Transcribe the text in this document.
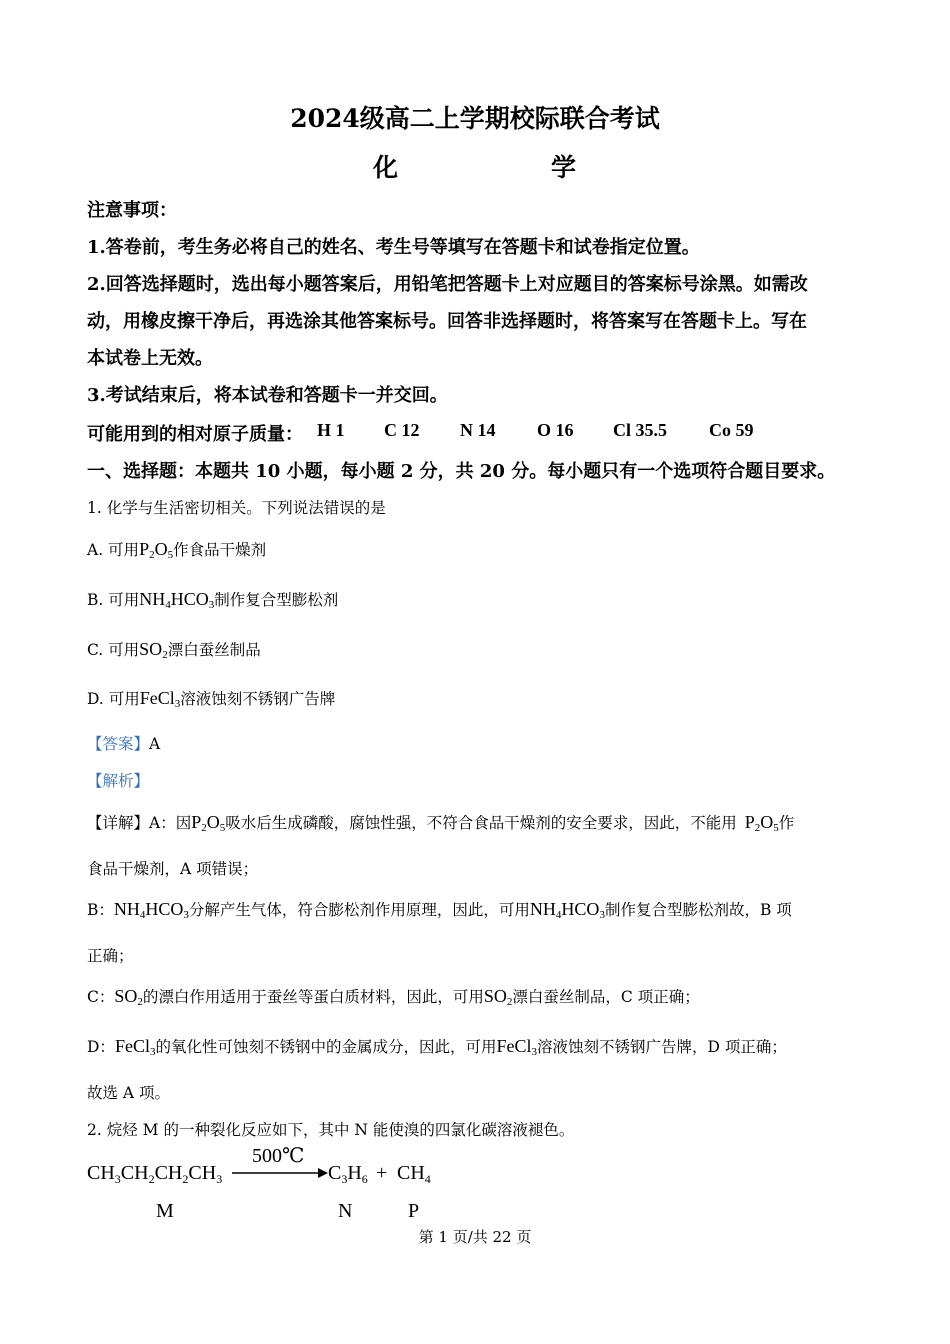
2024级高二上学期校际联合考试
化	学
注意事项：
1.答卷前，考生务必将自己的姓名、考生号等填写在答题卡和试卷指定位置。
2.回答选择题时，选出每小题答案后，用铅笔把答题卡上对应题目的答案标号涂黑。如需改
动，用橡皮擦干净后，再选涂其他答案标号。回答非选择题时，将答案写在答题卡上。写在
本试卷上无效。
3.考试结束后，将本试卷和答题卡一并交回。
可能用到的相对原子质量： H 1 C 12 N 14 O 16 Cl 35.5 Co 59
一、选择题：本题共 10 小题，每小题 2 分，共 20 分。每小题只有一个选项符合题目要求。
1. 化学与生活密切相关。下列说法错误的是
A. 可用$P_2O_5$作食品干燥剂
B. 可用$NH_4HCO_3$制作复合型膨松剂
C. 可用$SO_2$漂白蚕丝制品
D. 可用FeCl$_3$溶液蚀刻不锈钢广告牌
【答案】A
【解析】
【详解】A：因$P_2O_5$吸水后生成磷酸，腐蚀性强，不符合食品干燥剂的安全要求，因此，不能用 $P_2O_5$作
食品干燥剂，A 项错误；
B：$NH_4HCO_3$分解产生气体，符合膨松剂作用原理，因此，可用$NH_4HCO_3$制作复合型膨松剂故，B 项
正确；
C：$SO_2$的漂白作用适用于蚕丝等蛋白质材料，因此，可用$SO_2$漂白蚕丝制品，C 项正确；
D：FeCl$_3$的氧化性可蚀刻不锈钢中的金属成分，因此，可用FeCl$_3$溶液蚀刻不锈钢广告牌，D 项正确；
故选 A 项。
2. 烷烃 M 的一种裂化反应如下，其中 N 能使溴的四氯化碳溶液褪色。
500℃
$CH_3CH_2CH_2CH_3$	$C_3H_6 + CH_4$
M	N	P
第 1 页/共 22 页
